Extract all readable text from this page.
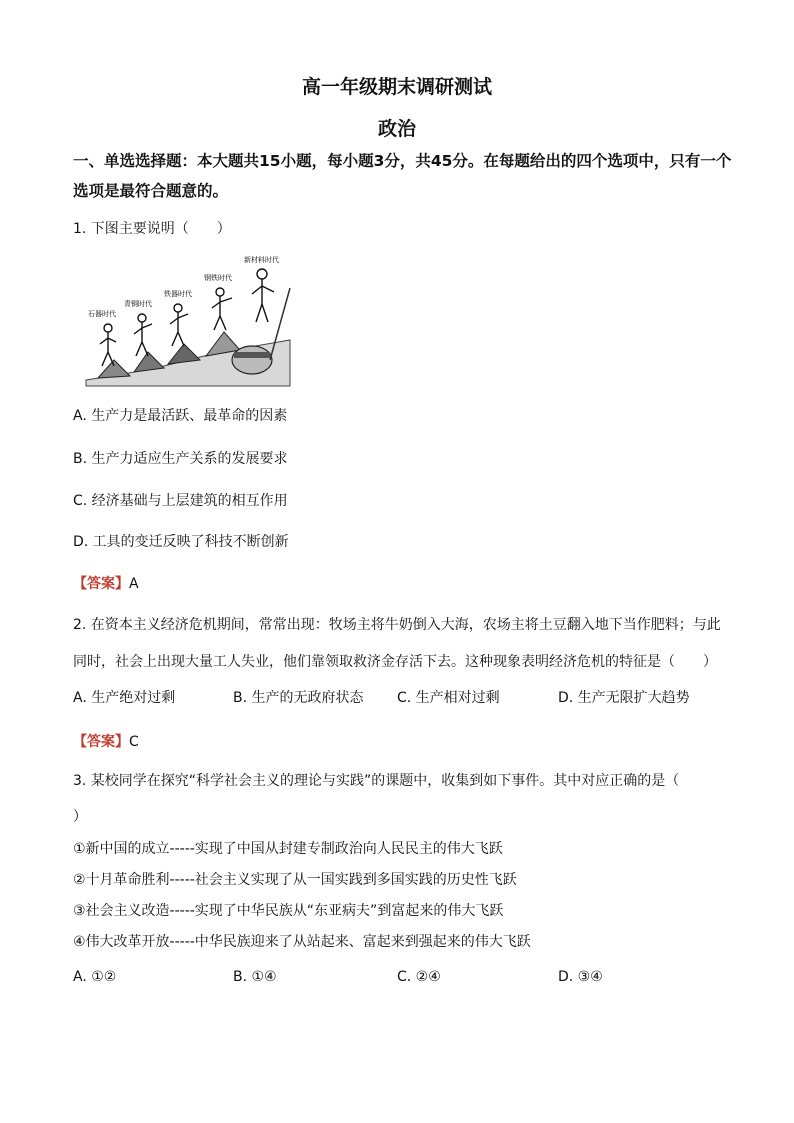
高一年级期末调研测试
政治
一、单选选择题：本大题共15小题，每小题3分，共45分。在每题给出的四个选项中，只有一个选项是最符合题意的。
1. 下图主要说明（　　）
石器时代
青铜时代
铁器时代
钢铁时代
新材料时代
A. 生产力是最活跃、最革命的因素
B. 生产力适应生产关系的发展要求
C. 经济基础与上层建筑的相互作用
D. 工具的变迁反映了科技不断创新
【答案】A
2. 在资本主义经济危机期间，常常出现：牧场主将牛奶倒入大海，农场主将土豆翻入地下当作肥料；与此
同时，社会上出现大量工人失业，他们靠领取救济金存活下去。这种现象表明经济危机的特征是（　　）
A. 生产绝对过剩	B. 生产的无政府状态 C. 生产相对过剩	D. 生产无限扩大趋势
【答案】C
3. 某校同学在探究“科学社会主义的理论与实践”的课题中，收集到如下事件。其中对应正确的是（
）
①新中国的成立-----实现了中国从封建专制政治向人民民主的伟大飞跃
②十月革命胜利-----社会主义实现了从一国实践到多国实践的历史性飞跃
③社会主义改造-----实现了中华民族从“东亚病夫”到富起来的伟大飞跃
④伟大改革开放-----中华民族迎来了从站起来、富起来到强起来的伟大飞跃
A. ①②	B. ①④	C. ②④	D. ③④
